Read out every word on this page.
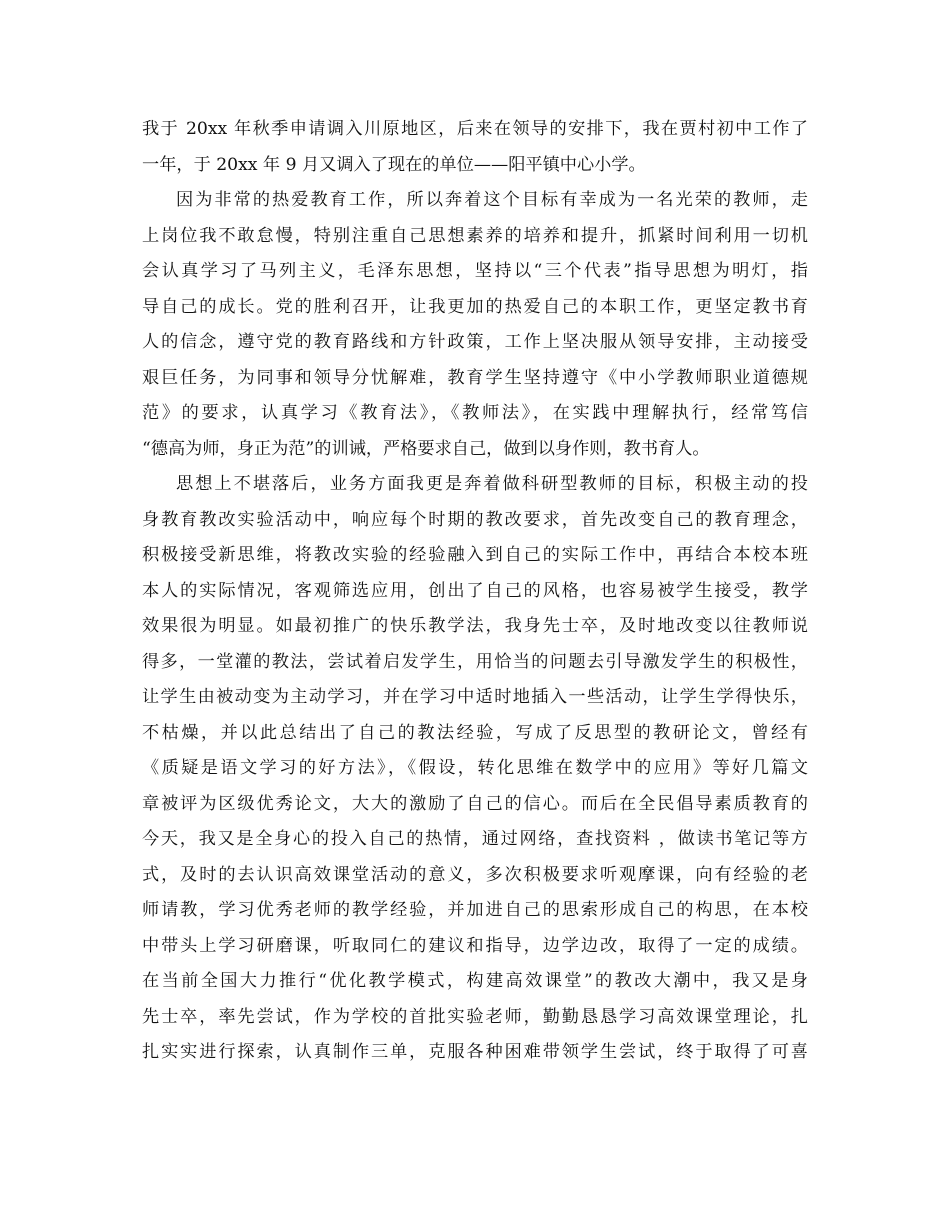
我于 20xx 年秋季申请调入川原地区，后来在领导的安排下，我在贾村初中工作了
一年，于 20xx 年 9 月又调入了现在的单位——阳平镇中心小学。
因为非常的热爱教育工作，所以奔着这个目标有幸成为一名光荣的教师，走
上岗位我不敢怠慢，特别注重自己思想素养的培养和提升，抓紧时间利用一切机
会认真学习了马列主义，毛泽东思想，坚持以“三个代表”指导思想为明灯，指
导自己的成长。党的胜利召开，让我更加的热爱自己的本职工作，更坚定教书育
人的信念，遵守党的教育路线和方针政策，工作上坚决服从领导安排，主动接受
艰巨任务，为同事和领导分忧解难，教育学生坚持遵守《中小学教师职业道德规
范》的要求，认真学习《教育法》，《教师法》，在实践中理解执行，经常笃信
“德高为师，身正为范”的训诫，严格要求自己，做到以身作则，教书育人。
思想上不堪落后，业务方面我更是奔着做科研型教师的目标，积极主动的投
身教育教改实验活动中，响应每个时期的教改要求，首先改变自己的教育理念，
积极接受新思维，将教改实验的经验融入到自己的实际工作中，再结合本校本班
本人的实际情况，客观筛选应用，创出了自己的风格，也容易被学生接受，教学
效果很为明显。如最初推广的快乐教学法，我身先士卒，及时地改变以往教师说
得多，一堂灌的教法，尝试着启发学生，用恰当的问题去引导激发学生的积极性，
让学生由被动变为主动学习，并在学习中适时地插入一些活动，让学生学得快乐，
不枯燥，并以此总结出了自己的教法经验，写成了反思型的教研论文，曾经有
《质疑是语文学习的好方法》，《假设，转化思维在数学中的应用》等好几篇文
章被评为区级优秀论文，大大的激励了自己的信心。而后在全民倡导素质教育的
今天，我又是全身心的投入自己的热情，通过网络，查找资料 ，做读书笔记等方
式，及时的去认识高效课堂活动的意义，多次积极要求听观摩课，向有经验的老
师请教，学习优秀老师的教学经验，并加进自己的思索形成自己的构思，在本校
中带头上学习研磨课，听取同仁的建议和指导，边学边改，取得了一定的成绩。
在当前全国大力推行“优化教学模式，构建高效课堂”的教改大潮中，我又是身
先士卒，率先尝试，作为学校的首批实验老师，勤勤恳恳学习高效课堂理论，扎
扎实实进行探索，认真制作三单，克服各种困难带领学生尝试，终于取得了可喜
